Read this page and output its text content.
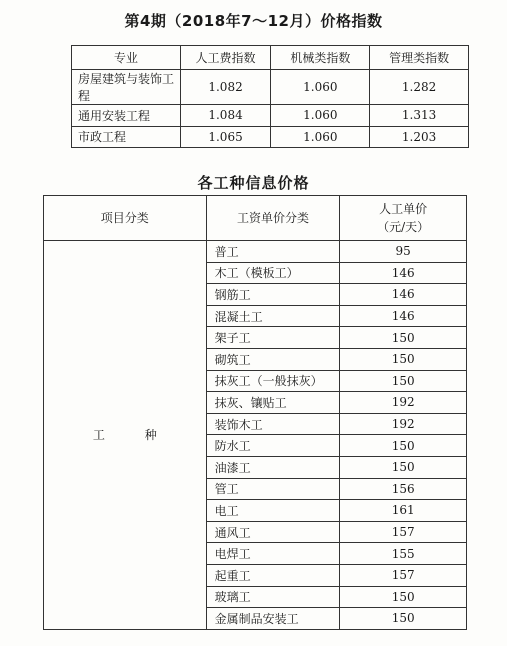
第4期（2018年7～12月）价格指数
专业	人工费指数	机械类指数	管理类指数
房屋建筑与装饰工程	1.082	1.060	1.282
通用安装工程	1.084	1.060	1.313
市政工程	1.065	1.060	1.203
各工种信息价格
项目分类	工资单价分类	人工单价
（元/天）

工 种	普工	95
	木工（模板工）	146
	钢筋工	146
	混凝土工	146
	架子工	150
	砌筑工	150
	抹灰工（一般抹灰）	150
	抹灰、镶贴工	192
	装饰木工	192
	防水工	150
	油漆工	150
	管工	156
	电工	161
	通风工	157
	电焊工	155
	起重工	157
	玻璃工	150
	金属制品安装工	150
